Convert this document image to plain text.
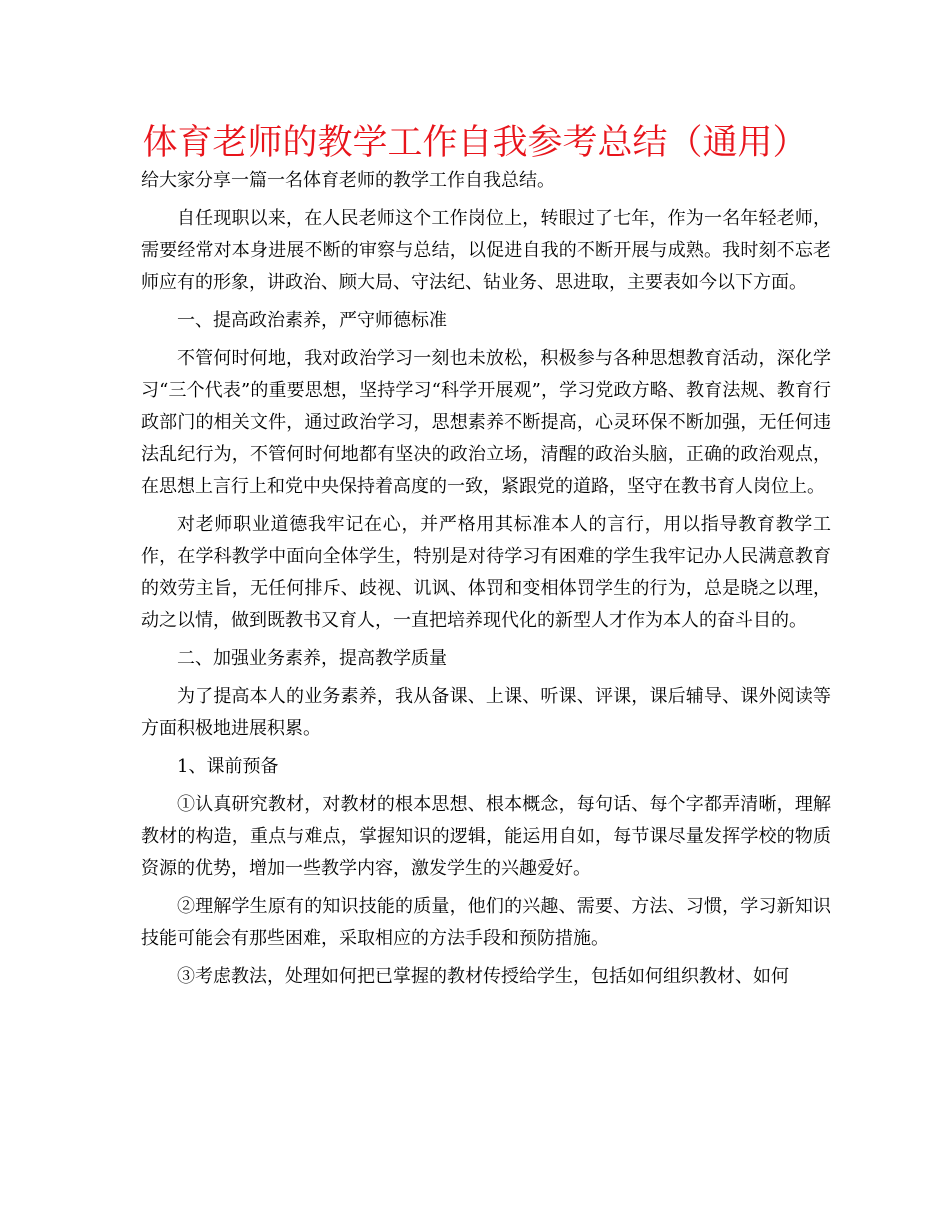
体育老师的教学工作自我参考总结（通用）

给大家分享一篇一名体育老师的教学工作自我总结。

自任现职以来，在人民老师这个工作岗位上，转眼过了七年，作为一名年轻老师，需要经常对本身进展不断的审察与总结，以促进自我的不断开展与成熟。我时刻不忘老师应有的形象，讲政治、顾大局、守法纪、钻业务、思进取，主要表如今以下方面。

一、提高政治素养，严守师德标准

不管何时何地，我对政治学习一刻也未放松，积极参与各种思想教育活动，深化学习“三个代表”的重要思想，坚持学习“科学开展观”，学习党政方略、教育法规、教育行政部门的相关文件，通过政治学习，思想素养不断提高，心灵环保不断加强，无任何违法乱纪行为，不管何时何地都有坚决的政治立场，清醒的政治头脑，正确的政治观点，在思想上言行上和党中央保持着高度的一致，紧跟党的道路，坚守在教书育人岗位上。

对老师职业道德我牢记在心，并严格用其标准本人的言行，用以指导教育教学工作，在学科教学中面向全体学生，特别是对待学习有困难的学生我牢记办人民满意教育的效劳主旨，无任何排斥、歧视、讥讽、体罚和变相体罚学生的行为，总是晓之以理，动之以情，做到既教书又育人，一直把培养现代化的新型人才作为本人的奋斗目的。

二、加强业务素养，提高教学质量

为了提高本人的业务素养，我从备课、上课、听课、评课，课后辅导、课外阅读等方面积极地进展积累。

1、课前预备

①认真研究教材，对教材的根本思想、根本概念，每句话、每个字都弄清晰，理解教材的构造，重点与难点，掌握知识的逻辑，能运用自如，每节课尽量发挥学校的物质资源的优势，增加一些教学内容，激发学生的兴趣爱好。

②理解学生原有的知识技能的质量，他们的兴趣、需要、方法、习惯，学习新知识技能可能会有那些困难，采取相应的方法手段和预防措施。

③考虑教法，处理如何把已掌握的教材传授给学生，包括如何组织教材、如何
